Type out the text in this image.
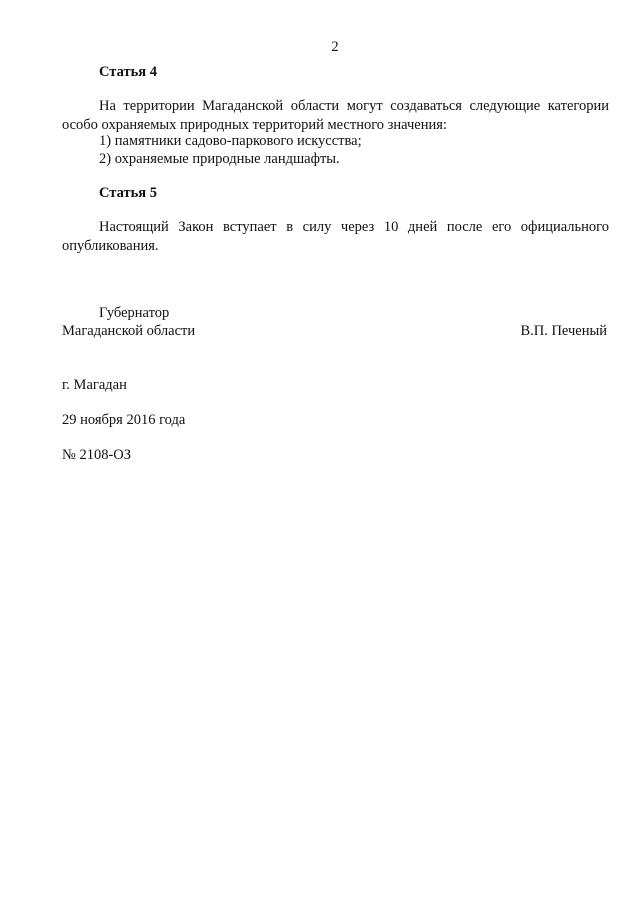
2
Статья 4
На территории Магаданской области могут создаваться следующие категории
особо охраняемых природных территорий местного значения:
1) памятники садово-паркового искусства;
2) охраняемые природные ландшафты.
Статья 5
Настоящий Закон вступает в силу через 10 дней после его официального
опубликования.
Губернатор
Магаданской области	В.П. Печеный
г. Магадан
29 ноября 2016 года
№ 2108-ОЗ
